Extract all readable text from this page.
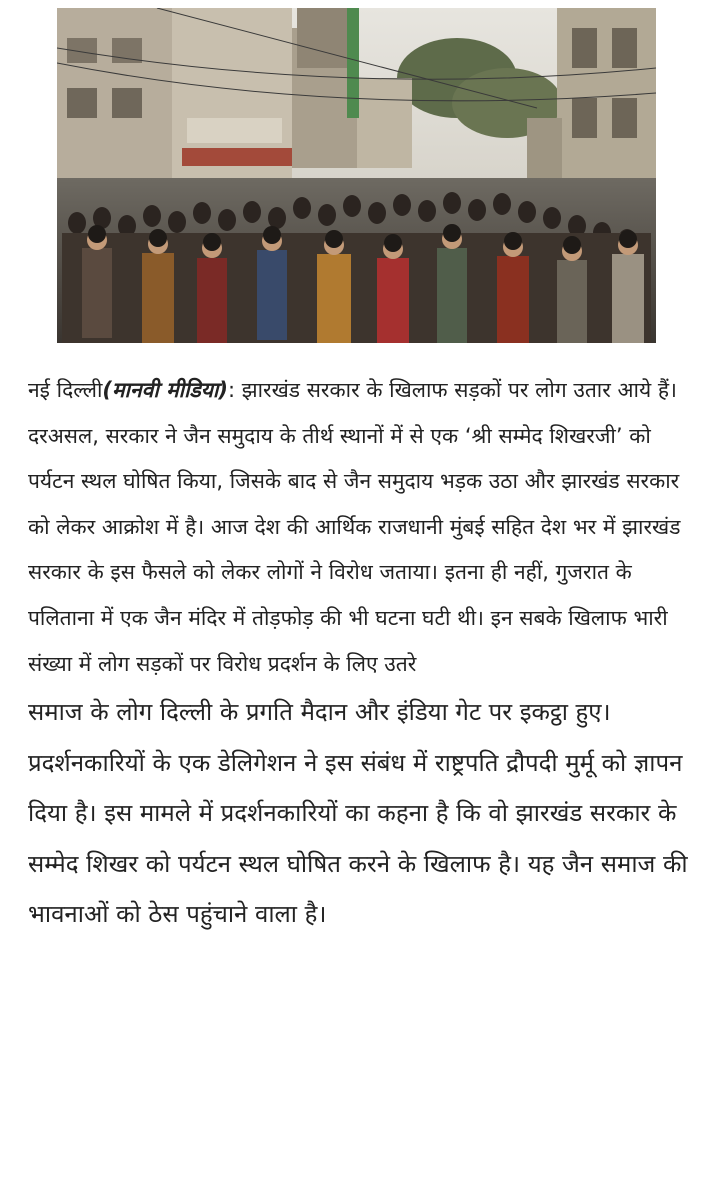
नई दिल्ली(मानवी मीडिया): झारखंड सरकार के खिलाफ सड़कों पर लोग उतार आये हैं। दरअसल, सरकार ने जैन समुदाय के तीर्थ स्थानों में से एक ‘श्री सम्मेद शिखरजी’ को पर्यटन स्थल घोषित किया, जिसके बाद से जैन समुदाय भड़क उठा और झारखंड सरकार को लेकर आक्रोश में है। आज देश की आर्थिक राजधानी मुंबई सहित देश भर में झारखंड सरकार के इस फैसले को लेकर लोगों ने विरोध जताया। इतना ही नहीं, गुजरात के पलिताना में एक जैन मंदिर में तोड़फोड़ की भी घटना घटी थी। इन सबके खिलाफ भारी संख्या में लोग सड़कों पर विरोध प्रदर्शन के लिए उतरे

समाज के लोग दिल्ली के प्रगति मैदान और इंडिया गेट पर इकट्ठा हुए। प्रदर्शनकारियों के एक डेलिगेशन ने इस संबंध में राष्ट्रपति द्रौपदी मुर्मू को ज्ञापन दिया है। इस मामले में प्रदर्शनकारियों का कहना है कि वो झारखंड सरकार के सम्मेद शिखर को पर्यटन स्थल घोषित करने के खिलाफ है। यह जैन समाज की भावनाओं को ठेस पहुंचाने वाला है।
